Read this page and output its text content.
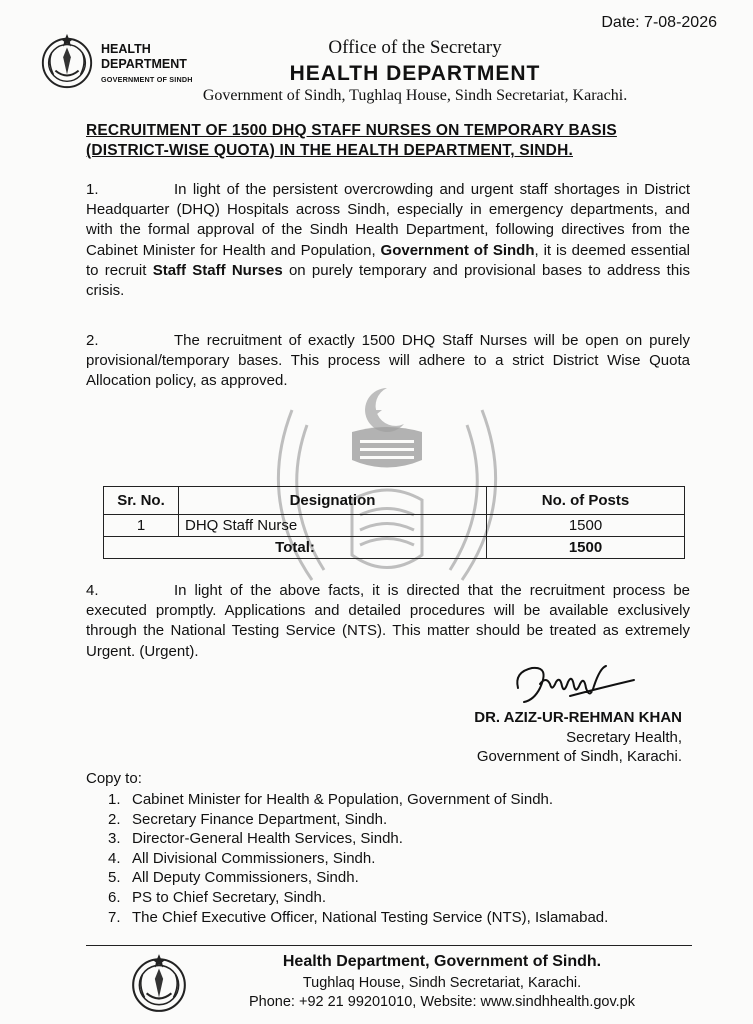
Date: 7-08-2026
HEALTH
DEPARTMENT
GOVERNMENT OF SINDH
Office of the Secretary
HEALTH DEPARTMENT
Government of Sindh, Tughlaq House, Sindh Secretariat, Karachi.
RECRUITMENT OF 1500 DHQ STAFF NURSES ON TEMPORARY BASIS
(DISTRICT-WISE QUOTA) IN THE HEALTH DEPARTMENT, SINDH.
1.	In light of the persistent overcrowding and urgent staff shortages in District Headquarter (DHQ) Hospitals across Sindh, especially in emergency departments, and with the formal approval of the Sindh Health Department, following directives from the Cabinet Minister for Health and Population, Government of Sindh, it is deemed essential to recruit Staff Staff Nurses on purely temporary and provisional bases to address this crisis.
2.	The recruitment of exactly 1500 DHQ Staff Nurses will be open on purely provisional/temporary bases. This process will adhere to a strict District Wise Quota Allocation policy, as approved.
Sr. No.	Designation	No. of Posts
1	DHQ Staff Nurse	1500
Total:		1500
4.	In light of the above facts, it is directed that the recruitment process be executed promptly. Applications and detailed procedures will be available exclusively through the National Testing Service (NTS). This matter should be treated as extremely Urgent. (Urgent).
DR. AZIZ-UR-REHMAN KHAN
Secretary Health,
Government of Sindh, Karachi.
Copy to:
1. Cabinet Minister for Health & Population, Government of Sindh.
2. Secretary Finance Department, Sindh.
3. Director-General Health Services, Sindh.
4. All Divisional Commissioners, Sindh.
5. All Deputy Commissioners, Sindh.
6. PS to Chief Secretary, Sindh.
7. The Chief Executive Officer, National Testing Service (NTS), Islamabad.
Health Department, Government of Sindh.
Tughlaq House, Sindh Secretariat, Karachi.
Phone: +92 21 99201010, Website: www.sindhhealth.gov.pk
